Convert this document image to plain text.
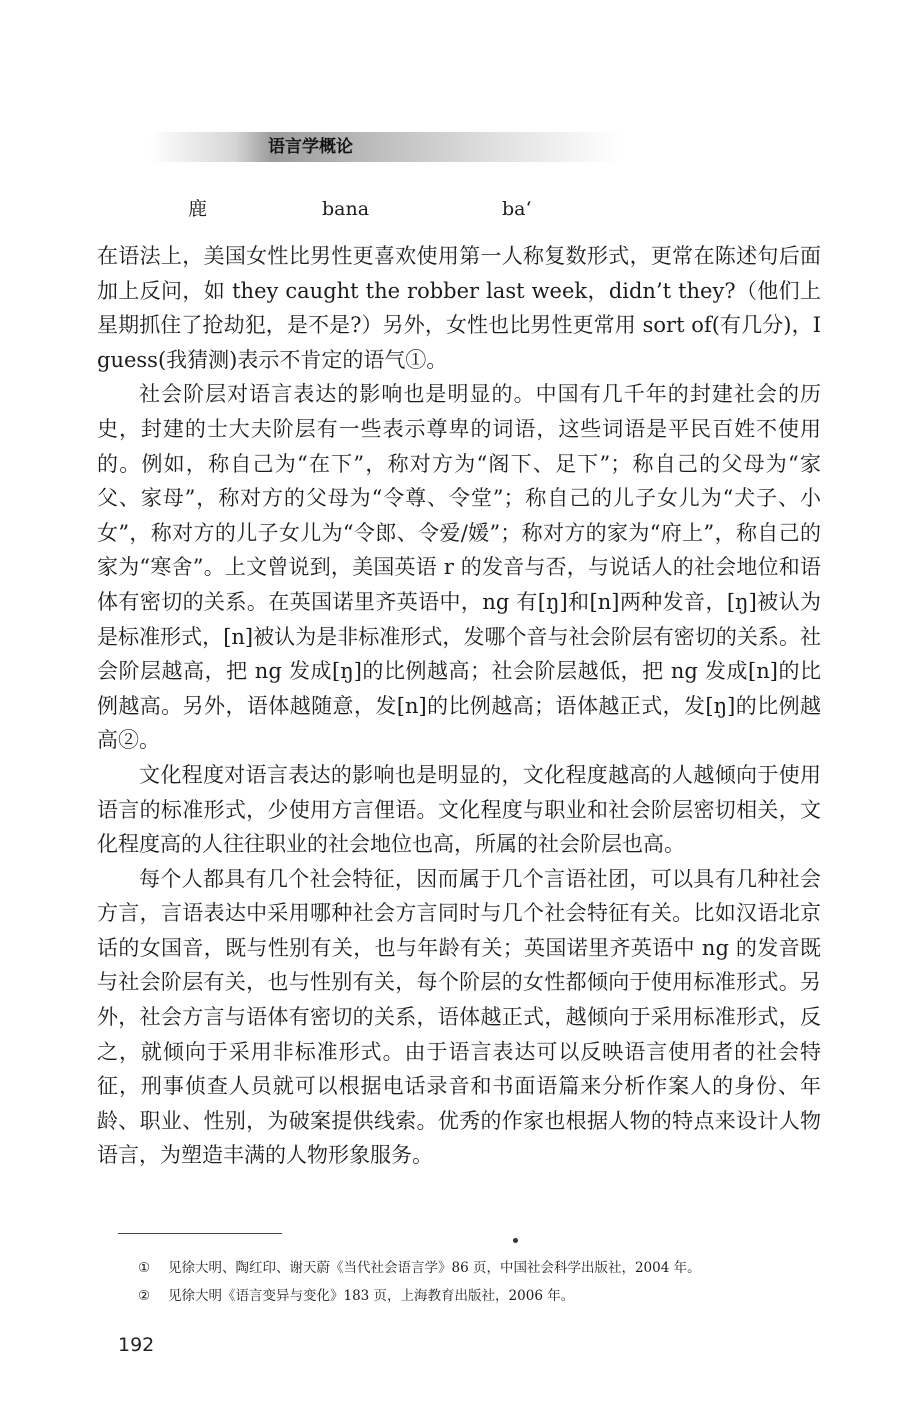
语言学概论
鹿	bana	ba‘

在语法上，美国女性比男性更喜欢使用第一人称复数形式，更常在陈述句后面加上反问，如 they caught the robber last week，didn’t they?（他们上星期抓住了抢劫犯，是不是?）另外，女性也比男性更常用 sort of(有几分)，I guess(我猜测)表示不肯定的语气①。

社会阶层对语言表达的影响也是明显的。中国有几千年的封建社会的历史，封建的士大夫阶层有一些表示尊卑的词语，这些词语是平民百姓不使用的。例如，称自己为“在下”，称对方为“阁下、足下”；称自己的父母为“家父、家母”，称对方的父母为“令尊、令堂”；称自己的儿子女儿为“犬子、小女”，称对方的儿子女儿为“令郎、令爱/媛”；称对方的家为“府上”，称自己的家为“寒舍”。上文曾说到，美国英语 r 的发音与否，与说话人的社会地位和语体有密切的关系。在英国诺里齐英语中，ng 有[ŋ]和[n]两种发音，[ŋ]被认为是标准形式，[n]被认为是非标准形式，发哪个音与社会阶层有密切的关系。社会阶层越高，把 ng 发成[ŋ]的比例越高；社会阶层越低，把 ng 发成[n]的比例越高。另外，语体越随意，发[n]的比例越高；语体越正式，发[ŋ]的比例越高②。

文化程度对语言表达的影响也是明显的，文化程度越高的人越倾向于使用语言的标准形式，少使用方言俚语。文化程度与职业和社会阶层密切相关，文化程度高的人往往职业的社会地位也高，所属的社会阶层也高。

每个人都具有几个社会特征，因而属于几个言语社团，可以具有几种社会方言，言语表达中采用哪种社会方言同时与几个社会特征有关。比如汉语北京话的女国音，既与性别有关，也与年龄有关；英国诺里齐英语中 ng 的发音既与社会阶层有关，也与性别有关，每个阶层的女性都倾向于使用标准形式。另外，社会方言与语体有密切的关系，语体越正式，越倾向于采用标准形式，反之，就倾向于采用非标准形式。由于语言表达可以反映语言使用者的社会特征，刑事侦查人员就可以根据电话录音和书面语篇来分析作案人的身份、年龄、职业、性别，为破案提供线索。优秀的作家也根据人物的特点来设计人物语言，为塑造丰满的人物形象服务。

①	见徐大明、陶红印、谢天蔚《当代社会语言学》86 页，中国社会科学出版社，2004 年。
②	见徐大明《语言变异与变化》183 页，上海教育出版社，2006 年。
192
